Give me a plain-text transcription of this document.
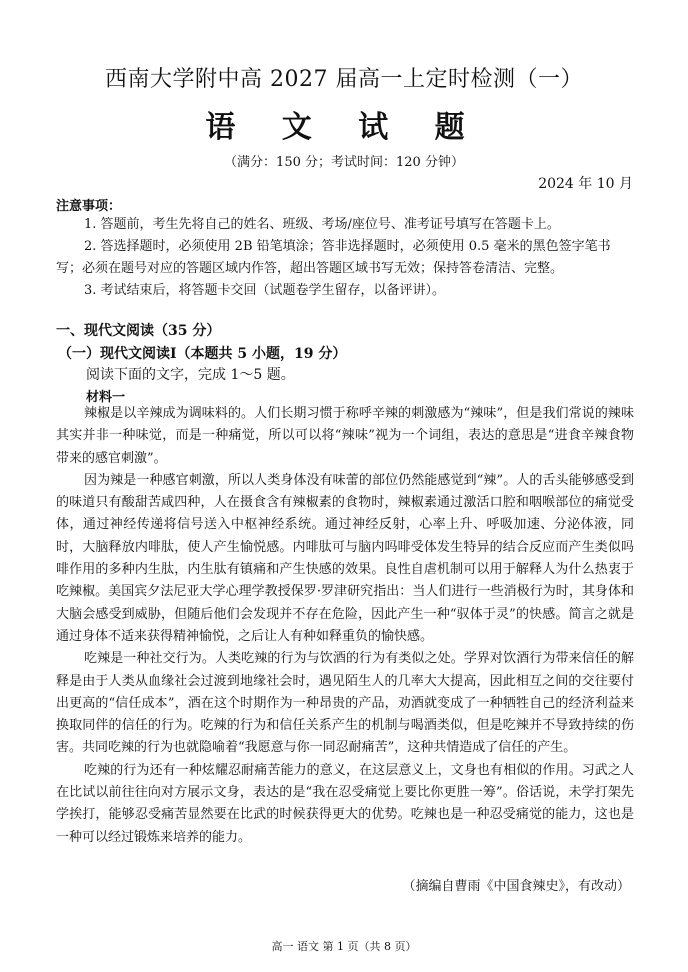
西南大学附中高 2027 届高一上定时检测（一）
语 文 试 题
（满分：150 分；考试时间：120 分钟）
2024 年 10 月
注意事项：

1. 答题前，考生先将自己的姓名、班级、考场/座位号、准考证号填写在答题卡上。

2. 答选择题时，必须使用 2B 铅笔填涂；答非选择题时，必须使用 0.5 毫米的黑色签字笔书写；必须在题号对应的答题区域内作答，超出答题区域书写无效；保持答卷清洁、完整。

3. 考试结束后，将答题卡交回（试题卷学生留存，以备评讲）。

一、现代文阅读（35 分）
（一）现代文阅读Ⅰ（本题共 5 小题，19 分）
阅读下面的文字，完成 1～5 题。
材料一

辣椒是以辛辣成为调味料的。人们长期习惯于称呼辛辣的刺激感为“辣味”，但是我们常说的辣味其实并非一种味觉，而是一种痛觉，所以可以将“辣味”视为一个词组，表达的意思是“进食辛辣食物带来的感官刺激”。

因为辣是一种感官刺激，所以人类身体没有味蕾的部位仍然能感觉到“辣”。人的舌头能够感受到的味道只有酸甜苦咸四种，人在摄食含有辣椒素的食物时，辣椒素通过激活口腔和咽喉部位的痛觉受体，通过神经传递将信号送入中枢神经系统。通过神经反射，心率上升、呼吸加速、分泌体液，同时，大脑释放内啡肽，使人产生愉悦感。内啡肽可与脑内吗啡受体发生特异的结合反应而产生类似吗啡作用的多种内生肽，内生肽有镇痛和产生快感的效果。良性自虐机制可以用于解释人为什么热衷于吃辣椒。美国宾夕法尼亚大学心理学教授保罗·罗津研究指出：当人们进行一些消极行为时，其身体和大脑会感受到威胁，但随后他们会发现并不存在危险，因此产生一种“驭体于灵”的快感。简言之就是通过身体不适来获得精神愉悦，之后让人有种如释重负的愉快感。

吃辣是一种社交行为。人类吃辣的行为与饮酒的行为有类似之处。学界对饮酒行为带来信任的解释是由于人类从血缘社会过渡到地缘社会时，遇见陌生人的几率大大提高，因此相互之间的交往要付出更高的“信任成本”，酒在这个时期作为一种昂贵的产品，劝酒就变成了一种牺牲自己的经济利益来换取同伴的信任的行为。吃辣的行为和信任关系产生的机制与喝酒类似，但是吃辣并不导致持续的伤害。共同吃辣的行为也就隐喻着“我愿意与你一同忍耐痛苦”，这种共情造成了信任的产生。

吃辣的行为还有一种炫耀忍耐痛苦能力的意义，在这层意义上，文身也有相似的作用。习武之人在比试以前往往向对方展示文身，表达的是“我在忍受痛觉上要比你更胜一筹”。俗话说，未学打架先学挨打，能够忍受痛苦显然要在比武的时候获得更大的优势。吃辣也是一种忍受痛觉的能力，这也是一种可以经过锻炼来培养的能力。

（摘编自曹雨《中国食辣史》，有改动）
高一 语文 第 1 页（共 8 页）
